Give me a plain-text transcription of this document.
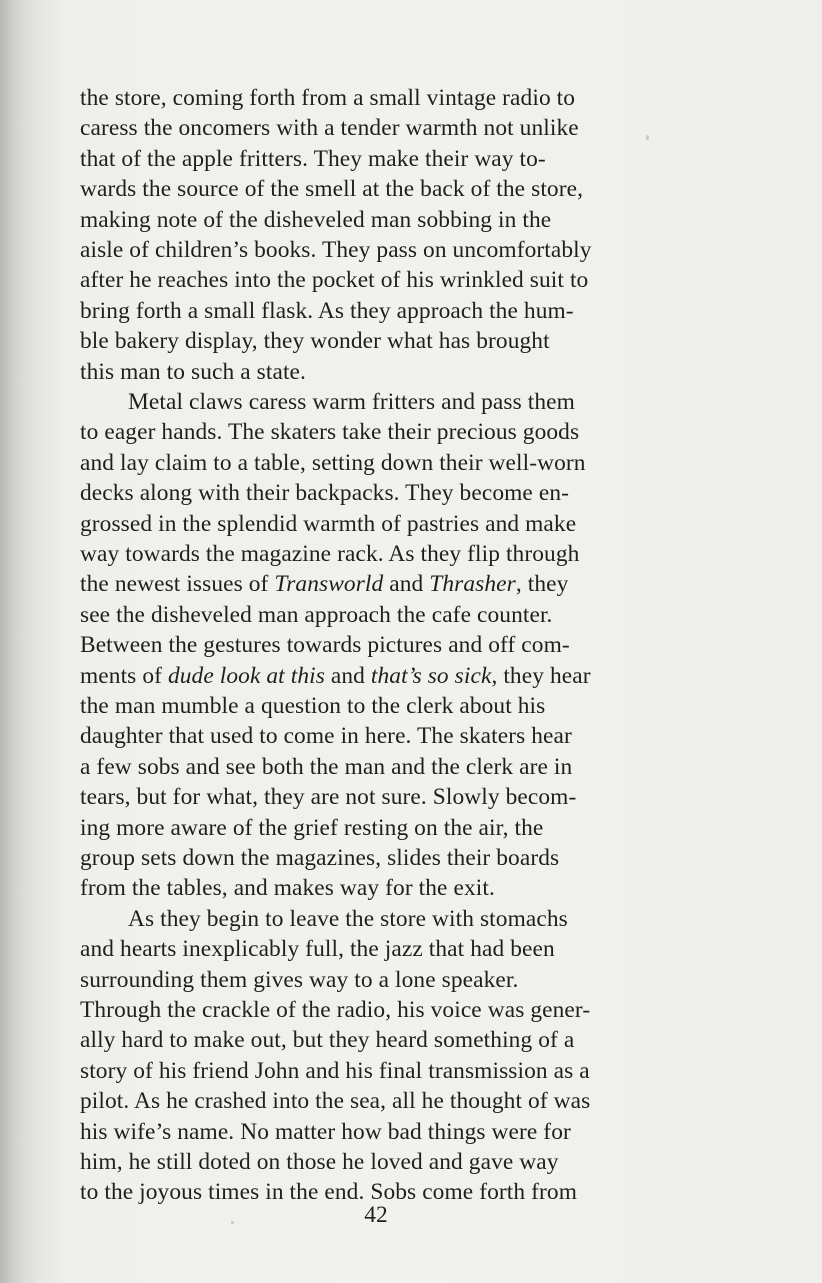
the store, coming forth from a small vintage radio to
caress the oncomers with a tender warmth not unlike
that of the apple fritters. They make their way to-
wards the source of the smell at the back of the store,
making note of the disheveled man sobbing in the
aisle of children’s books. They pass on uncomfortably
after he reaches into the pocket of his wrinkled suit to
bring forth a small flask. As they approach the hum-
ble bakery display, they wonder what has brought
this man to such a state.
Metal claws caress warm fritters and pass them
to eager hands. The skaters take their precious goods
and lay claim to a table, setting down their well-worn
decks along with their backpacks. They become en-
grossed in the splendid warmth of pastries and make
way towards the magazine rack. As they flip through
the newest issues of Transworld and Thrasher, they
see the disheveled man approach the cafe counter.
Between the gestures towards pictures and off com-
ments of dude look at this and that’s so sick, they hear
the man mumble a question to the clerk about his
daughter that used to come in here. The skaters hear
a few sobs and see both the man and the clerk are in
tears, but for what, they are not sure. Slowly becom-
ing more aware of the grief resting on the air, the
group sets down the magazines, slides their boards
from the tables, and makes way for the exit.
As they begin to leave the store with stomachs
and hearts inexplicably full, the jazz that had been
surrounding them gives way to a lone speaker.
Through the crackle of the radio, his voice was gener-
ally hard to make out, but they heard something of a
story of his friend John and his final transmission as a
pilot. As he crashed into the sea, all he thought of was
his wife’s name. No matter how bad things were for
him, he still doted on those he loved and gave way
to the joyous times in the end. Sobs come forth from
42
